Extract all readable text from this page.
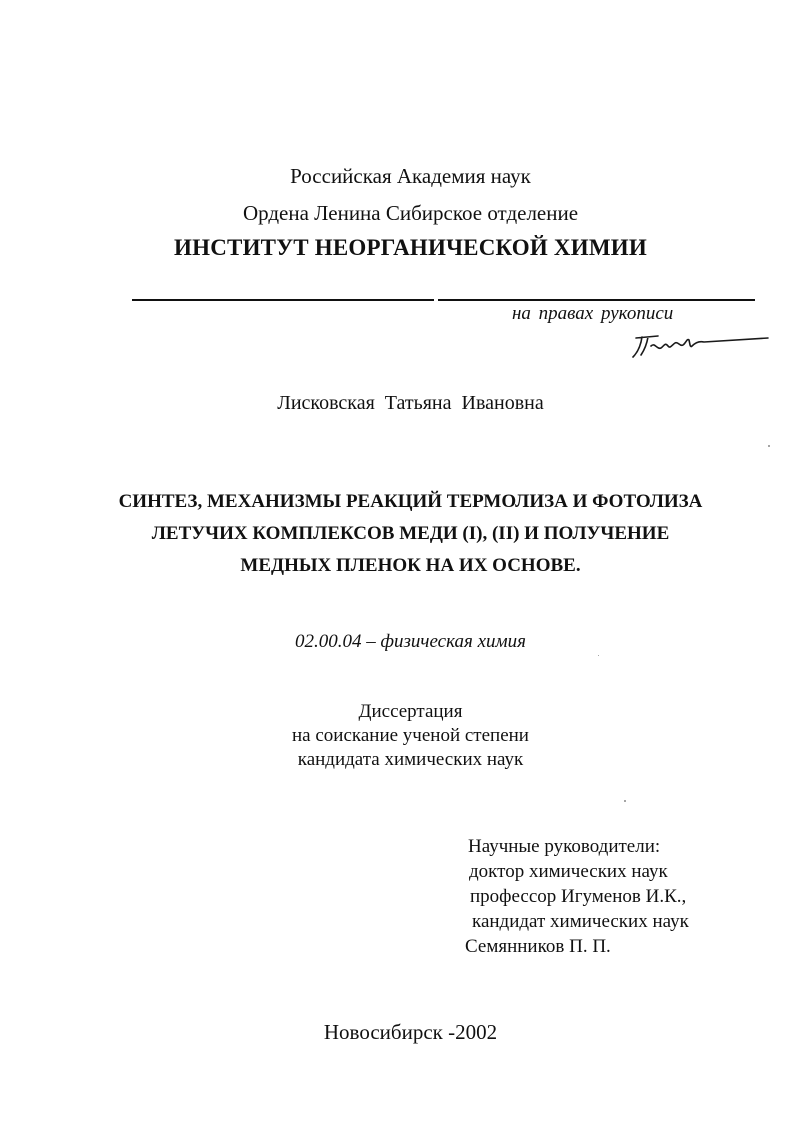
Российская Академия наук

Ордена Ленина Сибирское отделение

ИНСТИТУТ НЕОРГАНИЧЕСКОЙ ХИМИИ

на правах рукописи

Лисковская Татьяна Ивановна

СИНТЕЗ, МЕХАНИЗМЫ РЕАКЦИЙ ТЕРМОЛИЗА И ФОТОЛИЗА
ЛЕТУЧИХ КОМПЛЕКСОВ МЕДИ (I), (II) И ПОЛУЧЕНИЕ
МЕДНЫХ ПЛЕНОК НА ИХ ОСНОВЕ.

02.00.04 – физическая химия

Диссертация
на соискание ученой степени
кандидата химических наук
Научные руководители:
доктор химических наук
профессор Игуменов И.К.,
кандидат химических наук
Семянников П. П.

Новосибирск -2002
